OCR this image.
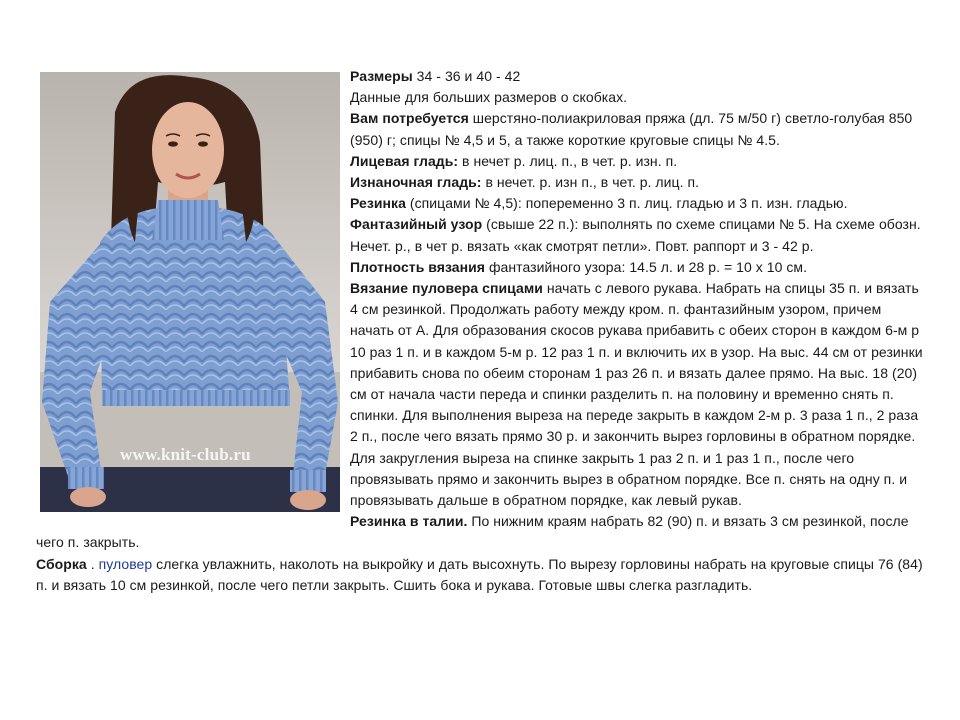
www.knit-club.ru

Размеры 34 - 36 и 40 - 42

Данные для больших размеров о скобках.

Вам потребуется шерстяно-полиакриловая пряжа (дл. 75 м/50 г) светло-голубая 850 (950) г; спицы № 4,5 и 5, а также короткие круговые спицы № 4.5.

Лицевая гладь: в нечет р. лиц. п., в чет. р. изн. п.

Изнаночная гладь: в нечет. р. изн п., в чет. р. лиц. п.

Резинка (спицами № 4,5): попеременно 3 п. лиц. гладью и 3 п. изн. гладью.

Фантазийный узор (свыше 22 п.): выполнять по схеме спицами № 5. На схеме обозн. Нечет. р., в чет р. вязать «как смотрят петли». Повт. раппорт и 3 - 42 р.

Плотность вязания фантазийного узора: 14.5 л. и 28 р. = 10 х 10 см.

Вязание пуловера спицами начать с левого рукава. Набрать на спицы 35 п. и вязать 4 см резинкой. Продолжать работу между кром. п. фантазийным узором, причем начать от А. Для образования скосов рукава прибавить с обеих сторон в каждом 6-м р 10 раз 1 п. и в каждом 5-м р. 12 раз 1 п. и включить их в узор. На выс. 44 см от резинки прибавить снова по обеим сторонам 1 раз 26 п. и вязать далее прямо. На выс. 18 (20) см от начала части переда и спинки разделить п. на половину и временно снять п. спинки. Для выполнения выреза на переде закрыть в каждом 2-м р. 3 раза 1 п., 2 раза 2 п., после чего вязать прямо 30 р. и закончить вырез горловины в обратном порядке. Для закругления выреза на спинке закрыть 1 раз 2 п. и 1 раз 1 п., после чего провязывать прямо и закончить вырез в обратном порядке. Все п. снять на одну п. и провязывать дальше в обратном порядке, как левый рукав.

Резинка в талии. По нижним краям набрать 82 (90) п. и вязать 3 см резинкой, после чего п. закрыть.

Сборка . пуловер слегка увлажнить, наколоть на выкройку и дать высохнуть. По вырезу горловины набрать на круговые спицы 76 (84) п. и вязать 10 см резинкой, после чего петли закрыть. Сшить бока и рукава. Готовые швы слегка разгладить.
